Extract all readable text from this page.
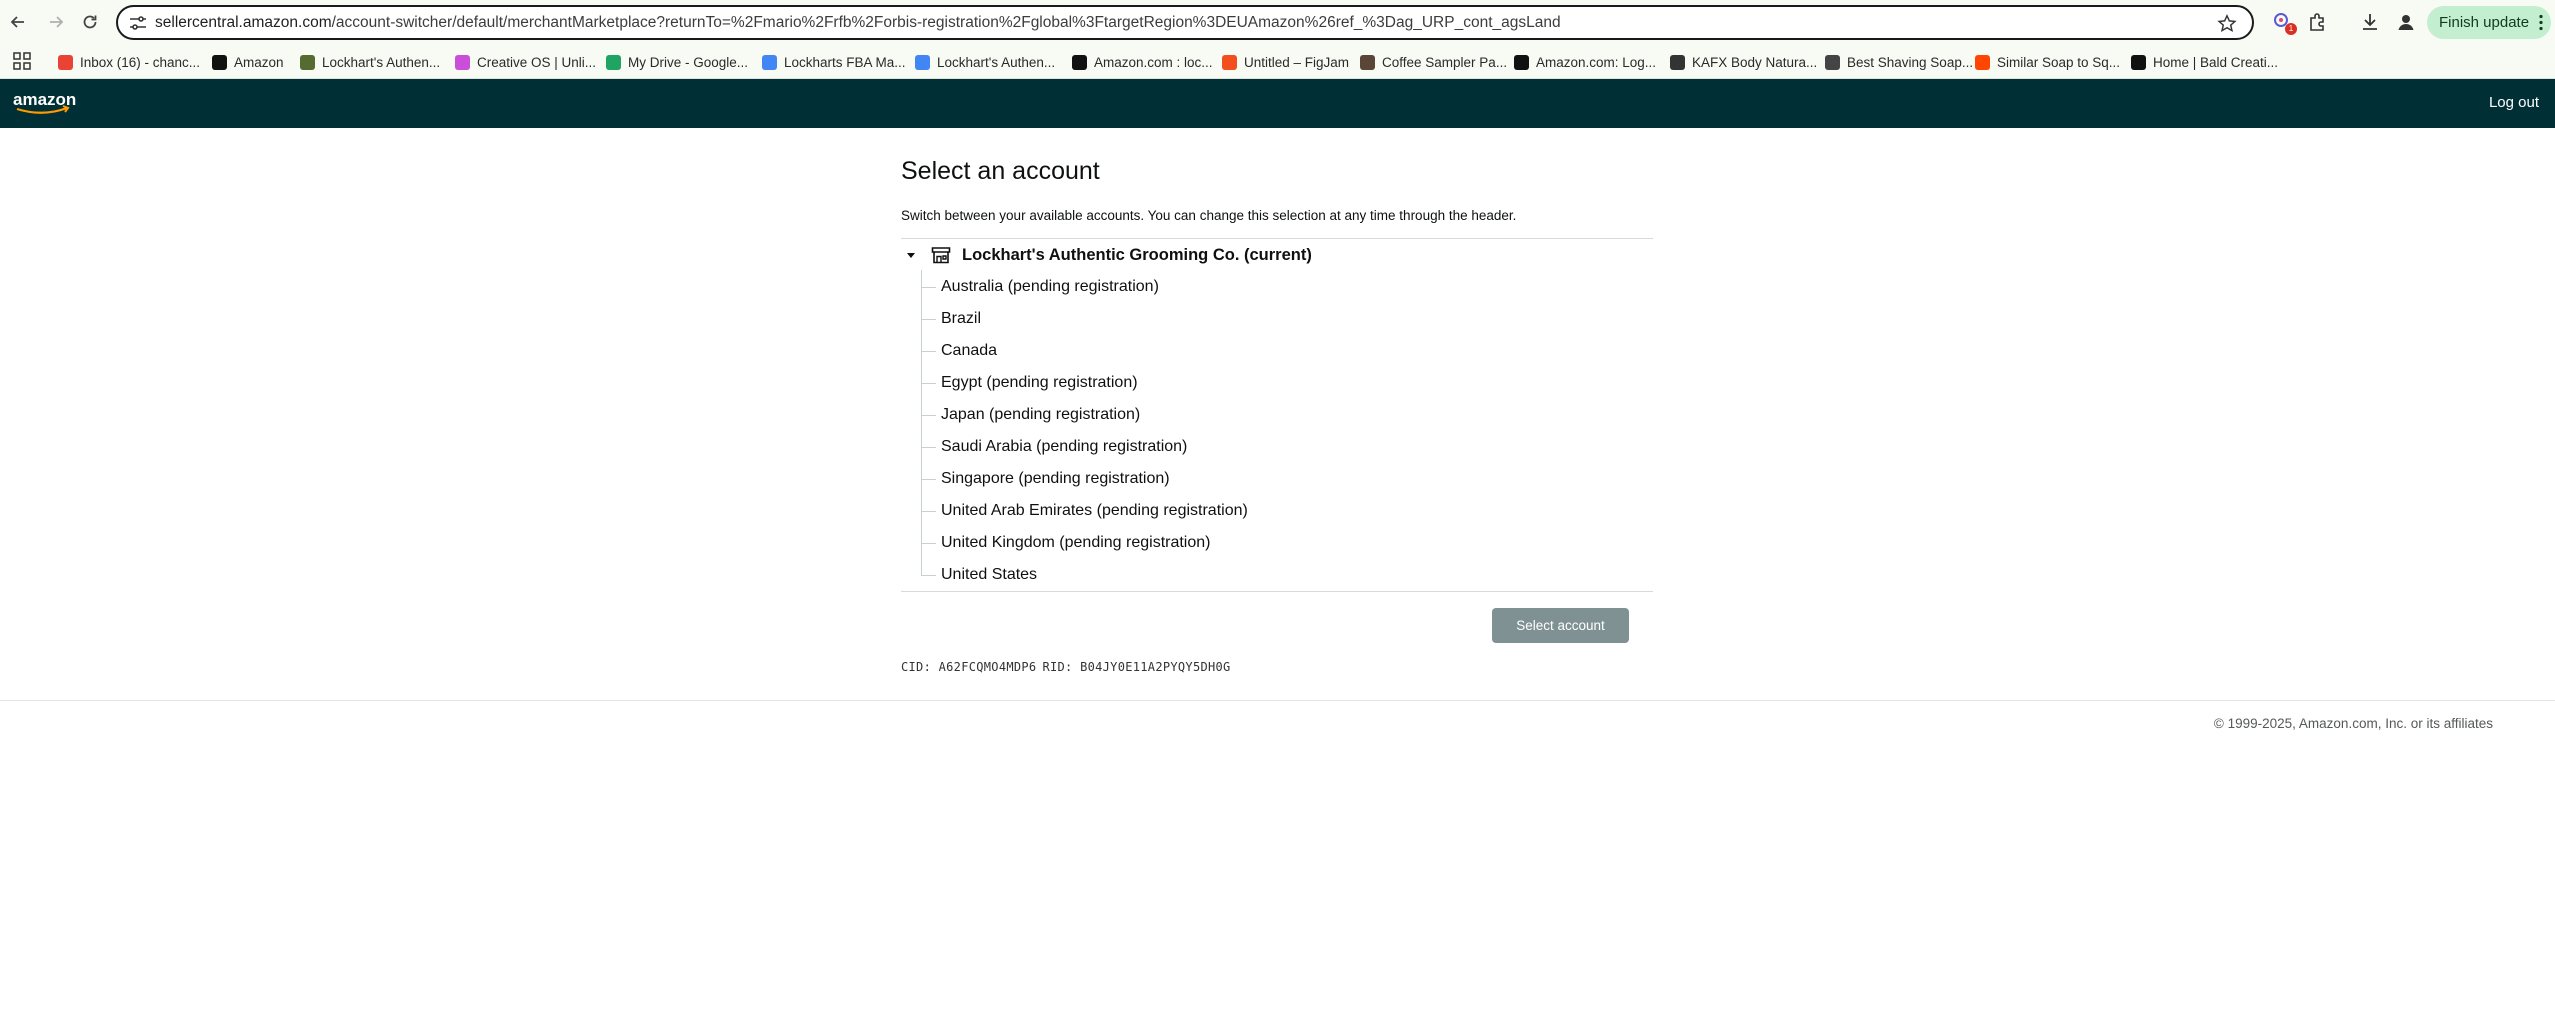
sellercentral.amazon.com/account-switcher/default/merchantMarketplace?returnTo=%2Fmario%2Frfb%2Forbis-registration%2Fglobal%3FtargetRegion%3DEUAmazon%26ref_%3Dag_URP_cont_agsLand	1	Finish update
Inbox (16) - chanc...	Amazon	Lockhart's Authen...	Creative OS | Unli... My Drive - Google...	Lockharts FBA Ma... Lockhart's Authen...	Amazon.com : loc... Untitled – FigJam Coffee Sampler Pa... Amazon.com: Log...	KAFX Body Natura... Best Shaving Soap... Similar Soap to Sq... Home | Bald Creati...
amazon	Log out
Select an account

Switch between your available accounts. You can change this selection at any time through the header.

Lockhart's Authentic Grooming Co. (current)
Australia (pending registration)
Brazil
Canada
Egypt (pending registration)
Japan (pending registration)
Saudi Arabia (pending registration)
Singapore (pending registration)
United Arab Emirates (pending registration)
United Kingdom (pending registration)
United States
Select account
CID: A62FCQMO4MDP6 RID: B04JY0E11A2PYQY5DH0G
© 1999-2025, Amazon.com, Inc. or its affiliates
